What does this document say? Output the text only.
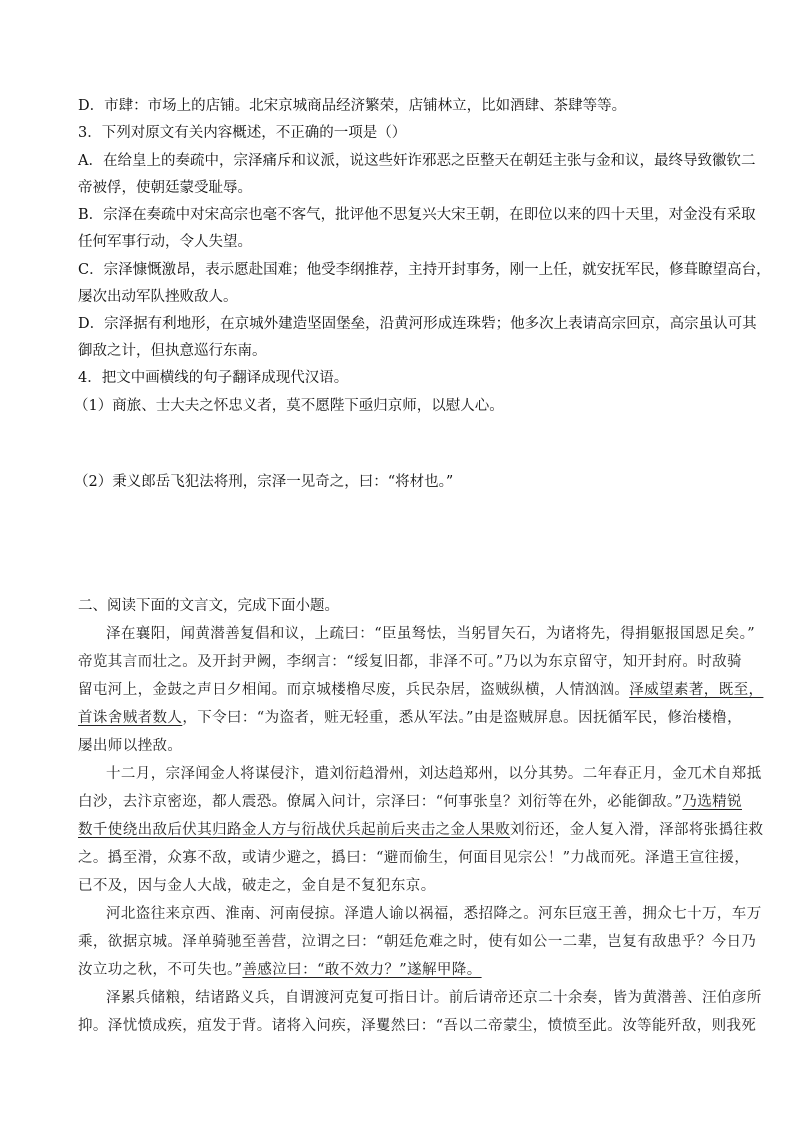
D．市肆：市场上的店铺。北宋京城商品经济繁荣，店铺林立，比如酒肆、茶肆等等。
3．下列对原文有关内容概述，不正确的一项是（）
A．在给皇上的奏疏中，宗泽痛斥和议派，说这些奸诈邪恶之臣整天在朝廷主张与金和议，最终导致徽钦二
帝被俘，使朝廷蒙受耻辱。
B．宗泽在奏疏中对宋高宗也毫不客气，批评他不思复兴大宋王朝，在即位以来的四十天里，对金没有采取
任何军事行动，令人失望。
C．宗泽慷慨激昂，表示愿赴国难；他受李纲推荐，主持开封事务，刚一上任，就安抚军民，修葺瞭望高台，
屡次出动军队挫败敌人。
D．宗泽据有利地形，在京城外建造坚固堡垒，沿黄河形成连珠砦；他多次上表请高宗回京，高宗虽认可其
御敌之计，但执意巡行东南。
4．把文中画横线的句子翻译成现代汉语。
（1）商旅、士大夫之怀忠义者，莫不愿陛下亟归京师，以慰人心。
（2）秉义郎岳飞犯法将刑，宗泽一见奇之，曰：“将材也。”
二、阅读下面的文言文，完成下面小题。
泽在襄阳，闻黄潜善复倡和议，上疏曰：“臣虽驽怯，当躬冒矢石，为诸将先，得捐躯报国恩足矣。”
帝览其言而壮之。及开封尹阙，李纲言：“绥复旧都，非泽不可。”乃以为东京留守，知开封府。时敌骑
留屯河上，金鼓之声日夕相闻。而京城楼橹尽废，兵民杂居，盗贼纵横，人情汹汹。泽威望素著，既至，
首诛舍贼者数人，下令曰：“为盗者，赃无轻重，悉从军法。”由是盗贼屏息。因抚循军民，修治楼橹，
屡出师以挫敌。
十二月，宗泽闻金人将谋侵汴，遣刘衍趋滑州，刘达趋郑州，以分其势。二年春正月，金兀术自郑抵
白沙，去汴京密迩，都人震恐。僚属入问计，宗泽曰：“何事张皇？刘衍等在外，必能御敌。”乃选精锐
数千使绕出敌后伏其归路金人方与衍战伏兵起前后夹击之金人果败刘衍还，金人复入滑，泽部将张撝往救
之。撝至滑，众寡不敌，或请少避之，撝曰：“避而偷生，何面目见宗公！”力战而死。泽遣王宣往援，
已不及，因与金人大战，破走之，金自是不复犯东京。
河北盗往来京西、淮南、河南侵掠。泽遣人谕以祸福，悉招降之。河东巨寇王善，拥众七十万，车万
乘，欲据京城。泽单骑驰至善营，泣谓之曰：“朝廷危难之时，使有如公一二辈，岂复有敌患乎？今日乃
汝立功之秋，不可失也。”善感泣曰：“敢不效力？”遂解甲降。
泽累兵储粮，结诸路义兵，自谓渡河克复可指日计。前后请帝还京二十余奏，皆为黄潜善、汪伯彦所
抑。泽忧愤成疾，疽发于背。诸将入问疾，泽矍然曰：“吾以二帝蒙尘，愤愤至此。汝等能歼敌，则我死
